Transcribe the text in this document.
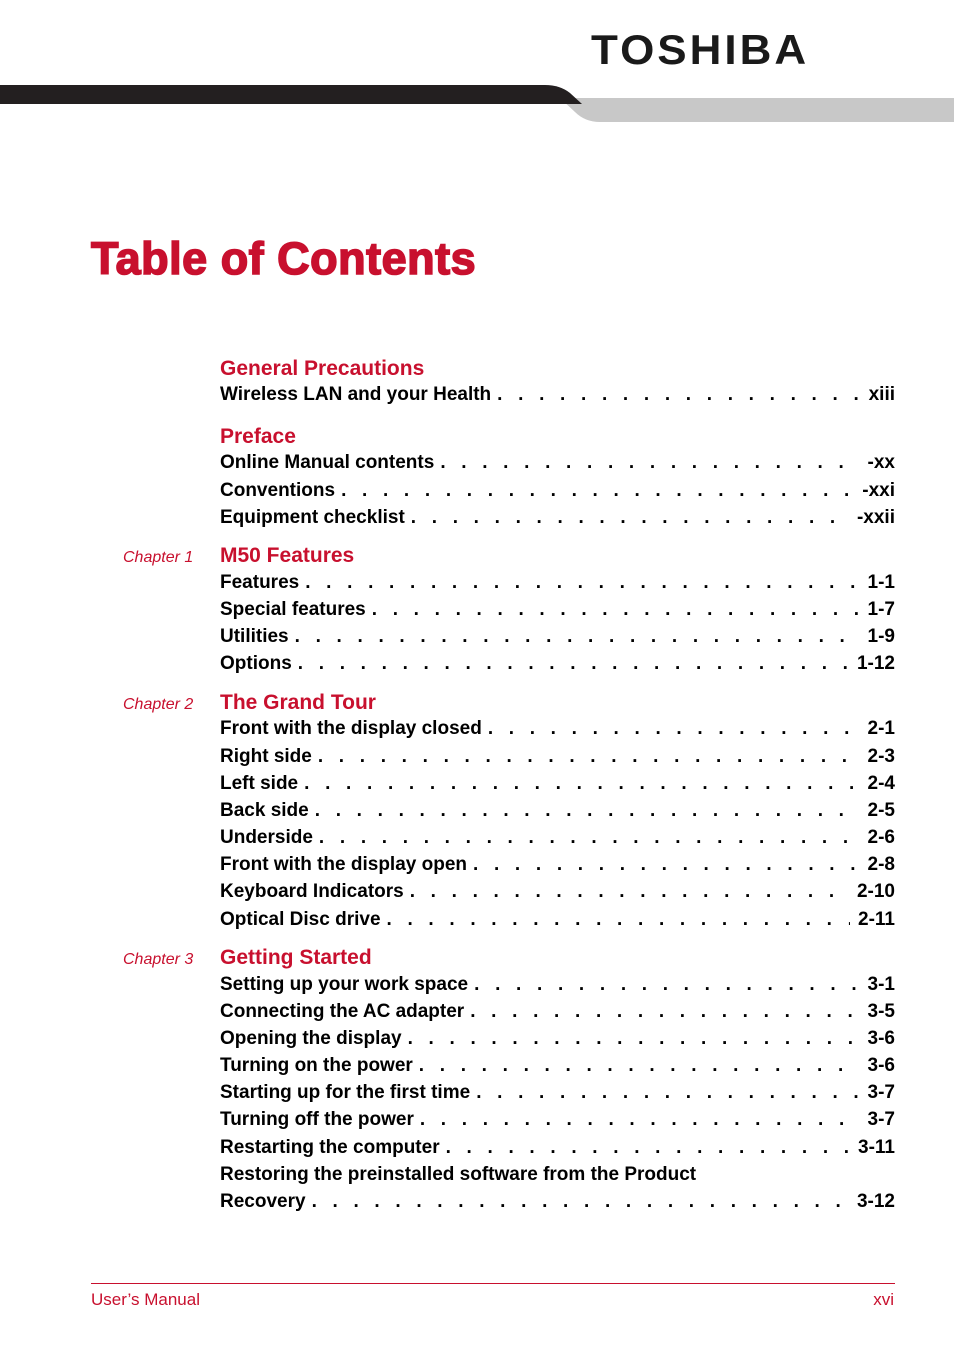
TOSHIBA
Table of Contents
General Precautions
Wireless LAN and your Health . . .	xiii
Preface
Online Manual contents . . .	-xx
Conventions . . .	-xxi
Equipment checklist . . .	-xxii
Chapter 1 M50 Features
Features . . .	1-1
Special features . . .	1-7
Utilities . . .	1-9
Options . . .	1-12
Chapter 2 The Grand Tour
Front with the display closed . . .	2-1
Right side . . .	2-3
Left side . . .	2-4
Back side . . .	2-5
Underside . . .	2-6
Front with the display open . . .	2-8
Keyboard Indicators . . .	2-10
Optical Disc drive . . .	2-11
Chapter 3 Getting Started
Setting up your work space . . .	3-1
Connecting the AC adapter . . .	3-5
Opening the display . . .	3-6
Turning on the power . . .	3-6
Starting up for the first time . . .	3-7
Turning off the power . . .	3-7
Restarting the computer . . .	3-11
Restoring the preinstalled software from the Product
Recovery . . .	3-12
User’s Manual	xvi
